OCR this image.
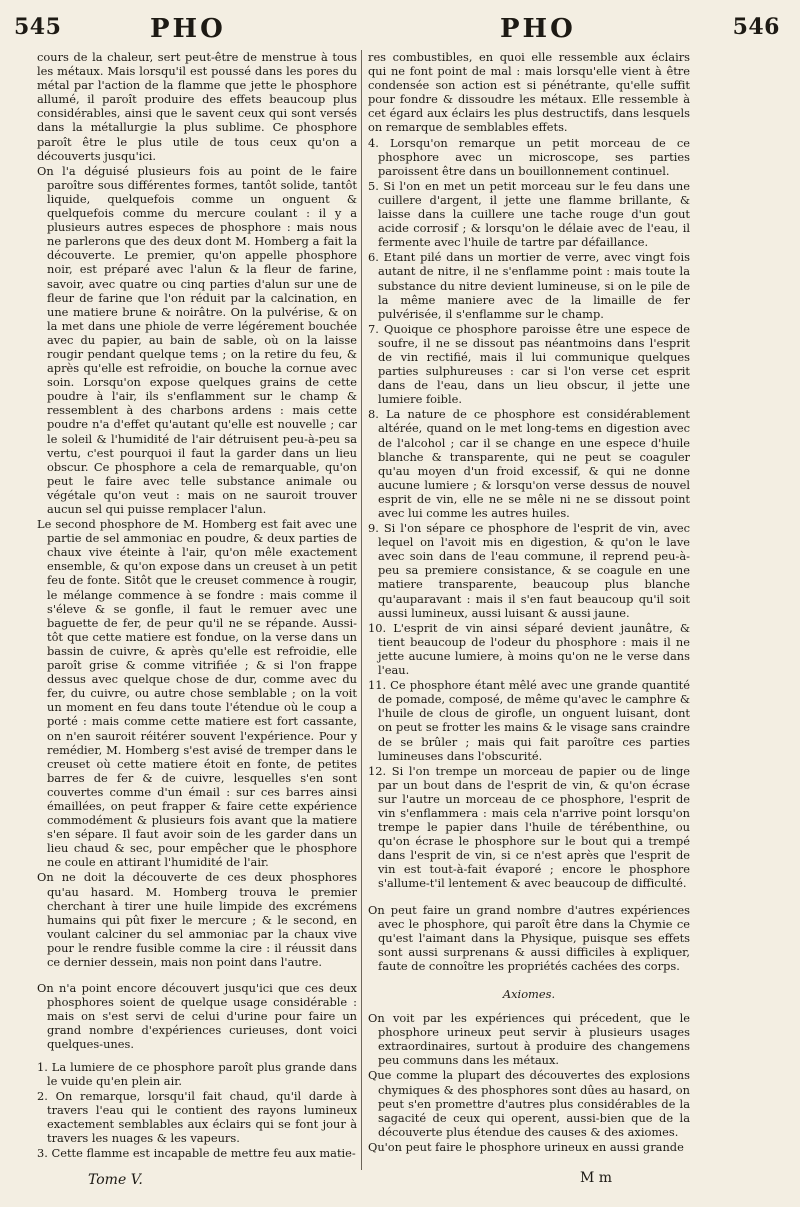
545	PHO	PHO	546

cours de la chaleur, sert peut-être de menstrue à tous les métaux. Mais lorsqu'il est poussé dans les pores du métal par l'action de la flamme que jette le phosphore allumé, il paroît produire des effets beaucoup plus considérables, ainsi que le savent ceux qui sont versés dans la métallurgie la plus sublime. Ce phosphore paroît être le plus utile de tous ceux qu'on a découverts jusqu'ici.

On l'a déguisé plusieurs fois au point de le faire paroître sous différentes formes, tantôt solide, tantôt liquide, quelquefois comme un onguent & quelquefois comme du mercure coulant : il y a plusieurs autres especes de phosphore : mais nous ne parlerons que des deux dont M. Homberg a fait la découverte. Le premier, qu'on appelle phosphore noir, est préparé avec l'alun & la fleur de farine, savoir, avec quatre ou cinq parties d'alun sur une de fleur de farine que l'on réduit par la calcination, en une matiere brune & noirâtre. On la pulvérise, & on la met dans une phiole de verre légérement bouchée avec du papier, au bain de sable, où on la laisse rougir pendant quelque tems ; on la retire du feu, & après qu'elle est refroidie, on bouche la cornue avec soin. Lorsqu'on expose quelques grains de cette poudre à l'air, ils s'enflamment sur le champ & ressemblent à des charbons ardens : mais cette poudre n'a d'effet qu'autant qu'elle est nouvelle ; car le soleil & l'humidité de l'air détruisent peu-à-peu sa vertu, c'est pourquoi il faut la garder dans un lieu obscur. Ce phosphore a cela de remarquable, qu'on peut le faire avec telle substance animale ou végétale qu'on veut : mais on ne sauroit trouver aucun sel qui puisse remplacer l'alun.

Le second phosphore de M. Homberg est fait avec une partie de sel ammoniac en poudre, & deux parties de chaux vive éteinte à l'air, qu'on mêle exactement ensemble, & qu'on expose dans un creuset à un petit feu de fonte. Sitôt que le creuset commence à rougir, le mélange commence à se fondre : mais comme il s'éleve & se gonfle, il faut le remuer avec une baguette de fer, de peur qu'il ne se répande. Aussi-tôt que cette matiere est fondue, on la verse dans un bassin de cuivre, & après qu'elle est refroidie, elle paroît grise & comme vitrifiée ; & si l'on frappe dessus avec quelque chose de dur, comme avec du fer, du cuivre, ou autre chose semblable ; on la voit un moment en feu dans toute l'étendue où le coup a porté : mais comme cette matiere est fort cassante, on n'en sauroit réitérer souvent l'expérience. Pour y remédier, M. Homberg s'est avisé de tremper dans le creuset où cette matiere étoit en fonte, de petites barres de fer & de cuivre, lesquelles s'en sont couvertes comme d'un émail : sur ces barres ainsi émaillées, on peut frapper & faire cette expérience commodément & plusieurs fois avant que la matiere s'en sépare. Il faut avoir soin de les garder dans un lieu chaud & sec, pour empêcher que le phosphore ne coule en attirant l'humidité de l'air.

On ne doit la découverte de ces deux phosphores qu'au hasard. M. Homberg trouva le premier cherchant à tirer une huile limpide des excrémens humains qui pût fixer le mercure ; & le second, en voulant calciner du sel ammoniac par la chaux vive pour le rendre fusible comme la cire : il réussit dans ce dernier dessein, mais non point dans l'autre.

On n'a point encore découvert jusqu'ici que ces deux phosphores soient de quelque usage considérable : mais on s'est servi de celui d'urine pour faire un grand nombre d'expériences curieuses, dont voici quelques-unes.

1. La lumiere de ce phosphore paroît plus grande dans le vuide qu'en plein air.

2. On remarque, lorsqu'il fait chaud, qu'il darde à travers l'eau qui le contient des rayons lumineux exactement semblables aux éclairs qui se font jour à travers les nuages & les vapeurs.

3. Cette flamme est incapable de mettre feu aux matie-

res combustibles, en quoi elle ressemble aux éclairs qui ne font point de mal : mais lorsqu'elle vient à être condensée son action est si pénétrante, qu'elle suffit pour fondre & dissoudre les métaux. Elle ressemble à cet égard aux éclairs les plus destructifs, dans lesquels on remarque de semblables effets.

4. Lorsqu'on remarque un petit morceau de ce phosphore avec un microscope, ses parties paroissent être dans un bouillonnement continuel.

5. Si l'on en met un petit morceau sur le feu dans une cuillere d'argent, il jette une flamme brillante, & laisse dans la cuillere une tache rouge d'un gout acide corrosif ; & lorsqu'on le délaie avec de l'eau, il fermente avec l'huile de tartre par défaillance.

6. Etant pilé dans un mortier de verre, avec vingt fois autant de nitre, il ne s'enflamme point : mais toute la substance du nitre devient lumineuse, si on le pile de la même maniere avec de la limaille de fer pulvérisée, il s'enflamme sur le champ.

7. Quoique ce phosphore paroisse être une espece de soufre, il ne se dissout pas néantmoins dans l'esprit de vin rectifié, mais il lui communique quelques parties sulphureuses : car si l'on verse cet esprit dans de l'eau, dans un lieu obscur, il jette une lumiere foible.

8. La nature de ce phosphore est considérablement altérée, quand on le met long-tems en digestion avec de l'alcohol ; car il se change en une espece d'huile blanche & transparente, qui ne peut se coaguler qu'au moyen d'un froid excessif, & qui ne donne aucune lumiere ; & lorsqu'on verse dessus de nouvel esprit de vin, elle ne se mêle ni ne se dissout point avec lui comme les autres huiles.

9. Si l'on sépare ce phosphore de l'esprit de vin, avec lequel on l'avoit mis en digestion, & qu'on le lave avec soin dans de l'eau commune, il reprend peu-à-peu sa premiere consistance, & se coagule en une matiere transparente, beaucoup plus blanche qu'auparavant : mais il s'en faut beaucoup qu'il soit aussi lumineux, aussi luisant & aussi jaune.

10. L'esprit de vin ainsi séparé devient jaunâtre, & tient beaucoup de l'odeur du phosphore : mais il ne jette aucune lumiere, à moins qu'on ne le verse dans l'eau.

11. Ce phosphore étant mêlé avec une grande quantité de pomade, composé, de même qu'avec le camphre & l'huile de clous de girofle, un onguent luisant, dont on peut se frotter les mains & le visage sans craindre de se brûler ; mais qui fait paroître ces parties lumineuses dans l'obscurité.

12. Si l'on trempe un morceau de papier ou de linge par un bout dans de l'esprit de vin, & qu'on écrase sur l'autre un morceau de ce phosphore, l'esprit de vin s'enflammera : mais cela n'arrive point lorsqu'on trempe le papier dans l'huile de térébenthine, ou qu'on écrase le phosphore sur le bout qui a trempé dans l'esprit de vin, si ce n'est après que l'esprit de vin est tout-à-fait évaporé ; encore le phosphore s'allume-t'il lentement & avec beaucoup de difficulté.

On peut faire un grand nombre d'autres expériences avec le phosphore, qui paroît être dans la Chymie ce qu'est l'aimant dans la Physique, puisque ses effets sont aussi surprenans & aussi difficiles à expliquer, faute de connoître les propriétés cachées des corps.

Axiomes.

On voit par les expériences qui précedent, que le phosphore urineux peut servir à plusieurs usages extraordinaires, surtout à produire des changemens peu communs dans les métaux.

Que comme la plupart des découvertes des explosions chymiques & des phosphores sont dûes au hasard, on peut s'en promettre d'autres plus considérables de la sagacité de ceux qui operent, aussi-bien que de la découverte plus étendue des causes & des axiomes.

Qu'on peut faire le phosphore urineux en aussi grande

Tome V.	M m
